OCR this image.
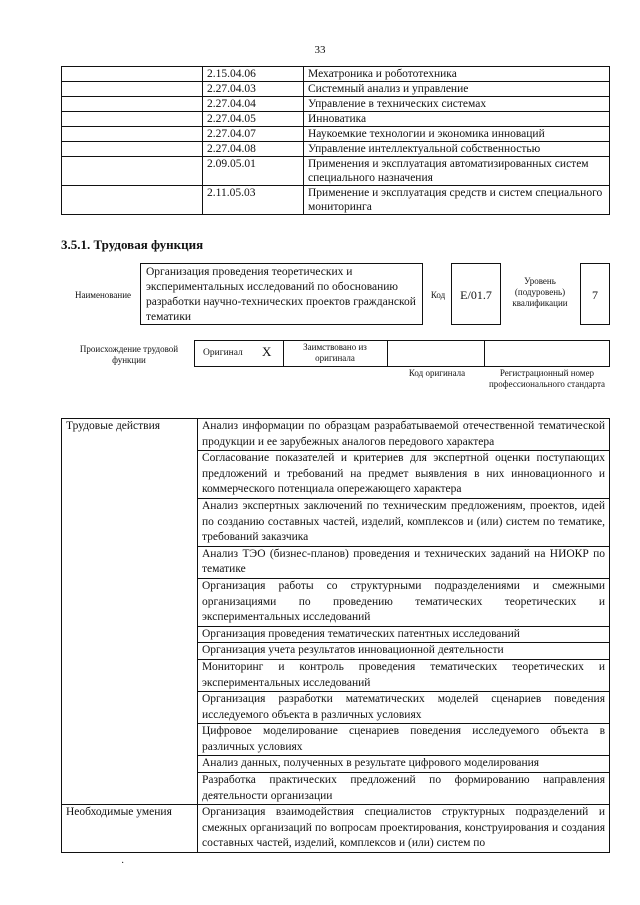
33
	2.15.04.06	Мехатроника и робототехника
	2.27.04.03	Системный анализ и управление
	2.27.04.04	Управление в технических системах
	2.27.04.05	Инноватика
	2.27.04.07	Наукоемкие технологии и экономика инноваций
	2.27.04.08	Управление интеллектуальной собственностью
	2.09.05.01	Применения и эксплуатация автоматизированных систем специального назначения
	2.11.05.03	Применение и эксплуатация средств и систем специального мониторинга
3.5.1. Трудовая функция
Наименование
Организация проведения теоретических и экспериментальных исследований по обоснованию разработки научно-технических проектов гражданской тематики
Код	E/01.7
Уровень (подуровень) квалификации
7
Происхождение трудовой функции
Оригинал X	Заимствовано из оригинала
Код оригинала	Регистрационный номер профессионального стандарта
Трудовые действия	Анализ информации по образцам разрабатываемой отечественной тематической продукции и ее зарубежных аналогов передового характера
	Согласование показателей и критериев для экспертной оценки поступающих предложений и требований на предмет выявления в них инновационного и коммерческого потенциала опережающего характера
	Анализ экспертных заключений по техническим предложениям, проектов, идей по созданию составных частей, изделий, комплексов и (или) систем по тематике, требований заказчика
	Анализ ТЭО (бизнес-планов) проведения и технических заданий на НИОКР по тематике
	Организация работы со структурными подразделениями и смежными организациями по проведению тематических теоретических и экспериментальных исследований
	Организация проведения тематических патентных исследований
	Организация учета результатов инновационной деятельности
	Мониторинг и контроль проведения тематических теоретических и экспериментальных исследований
	Организация разработки математических моделей сценариев поведения исследуемого объекта в различных условиях
	Цифровое моделирование сценариев поведения исследуемого объекта в различных условиях
	Анализ данных, полученных в результате цифрового моделирования
	Разработка практических предложений по формированию направления деятельности организации
Необходимые умения	Организация взаимодействия специалистов структурных подразделений и смежных организаций по вопросам проектирования, конструирования и создания составных частей, изделий, комплексов и (или) систем по
·
